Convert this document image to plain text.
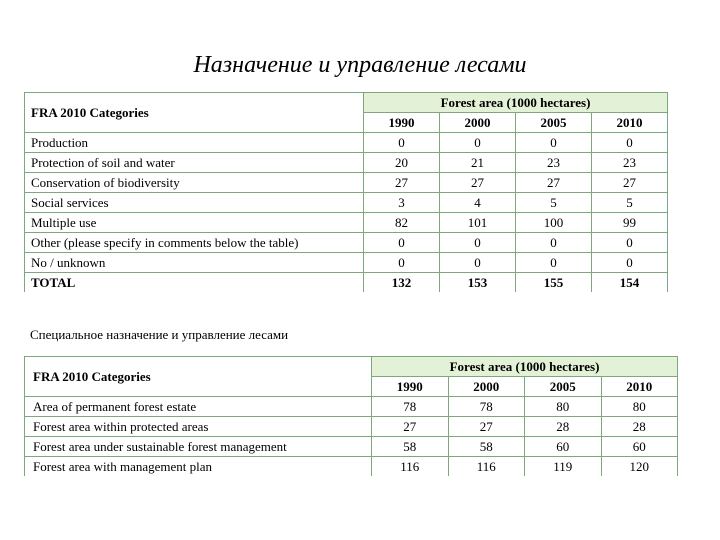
Назначение и управление лесами
FRA 2010 Categories	Forest area (1000 hectares)			
	1990	2000	2005	2010
Production	0	0	0	0
Protection of soil and water	20	21	23	23
Conservation of biodiversity	27	27	27	27
Social services	3	4	5	5
Multiple use	82	101	100	99
Other (please specify in comments below the table)	0	0	0	0
No / unknown	0	0	0	0
TOTAL	132	153	155	154
Специальное назначение и управление лесами
FRA 2010 Categories	Forest area (1000 hectares)			
	1990	2000	2005	2010
Area of permanent forest estate	78	78	80	80
Forest area within protected areas	27	27	28	28
Forest area under sustainable forest management	58	58	60	60
Forest area with management plan	116	116	119	120
